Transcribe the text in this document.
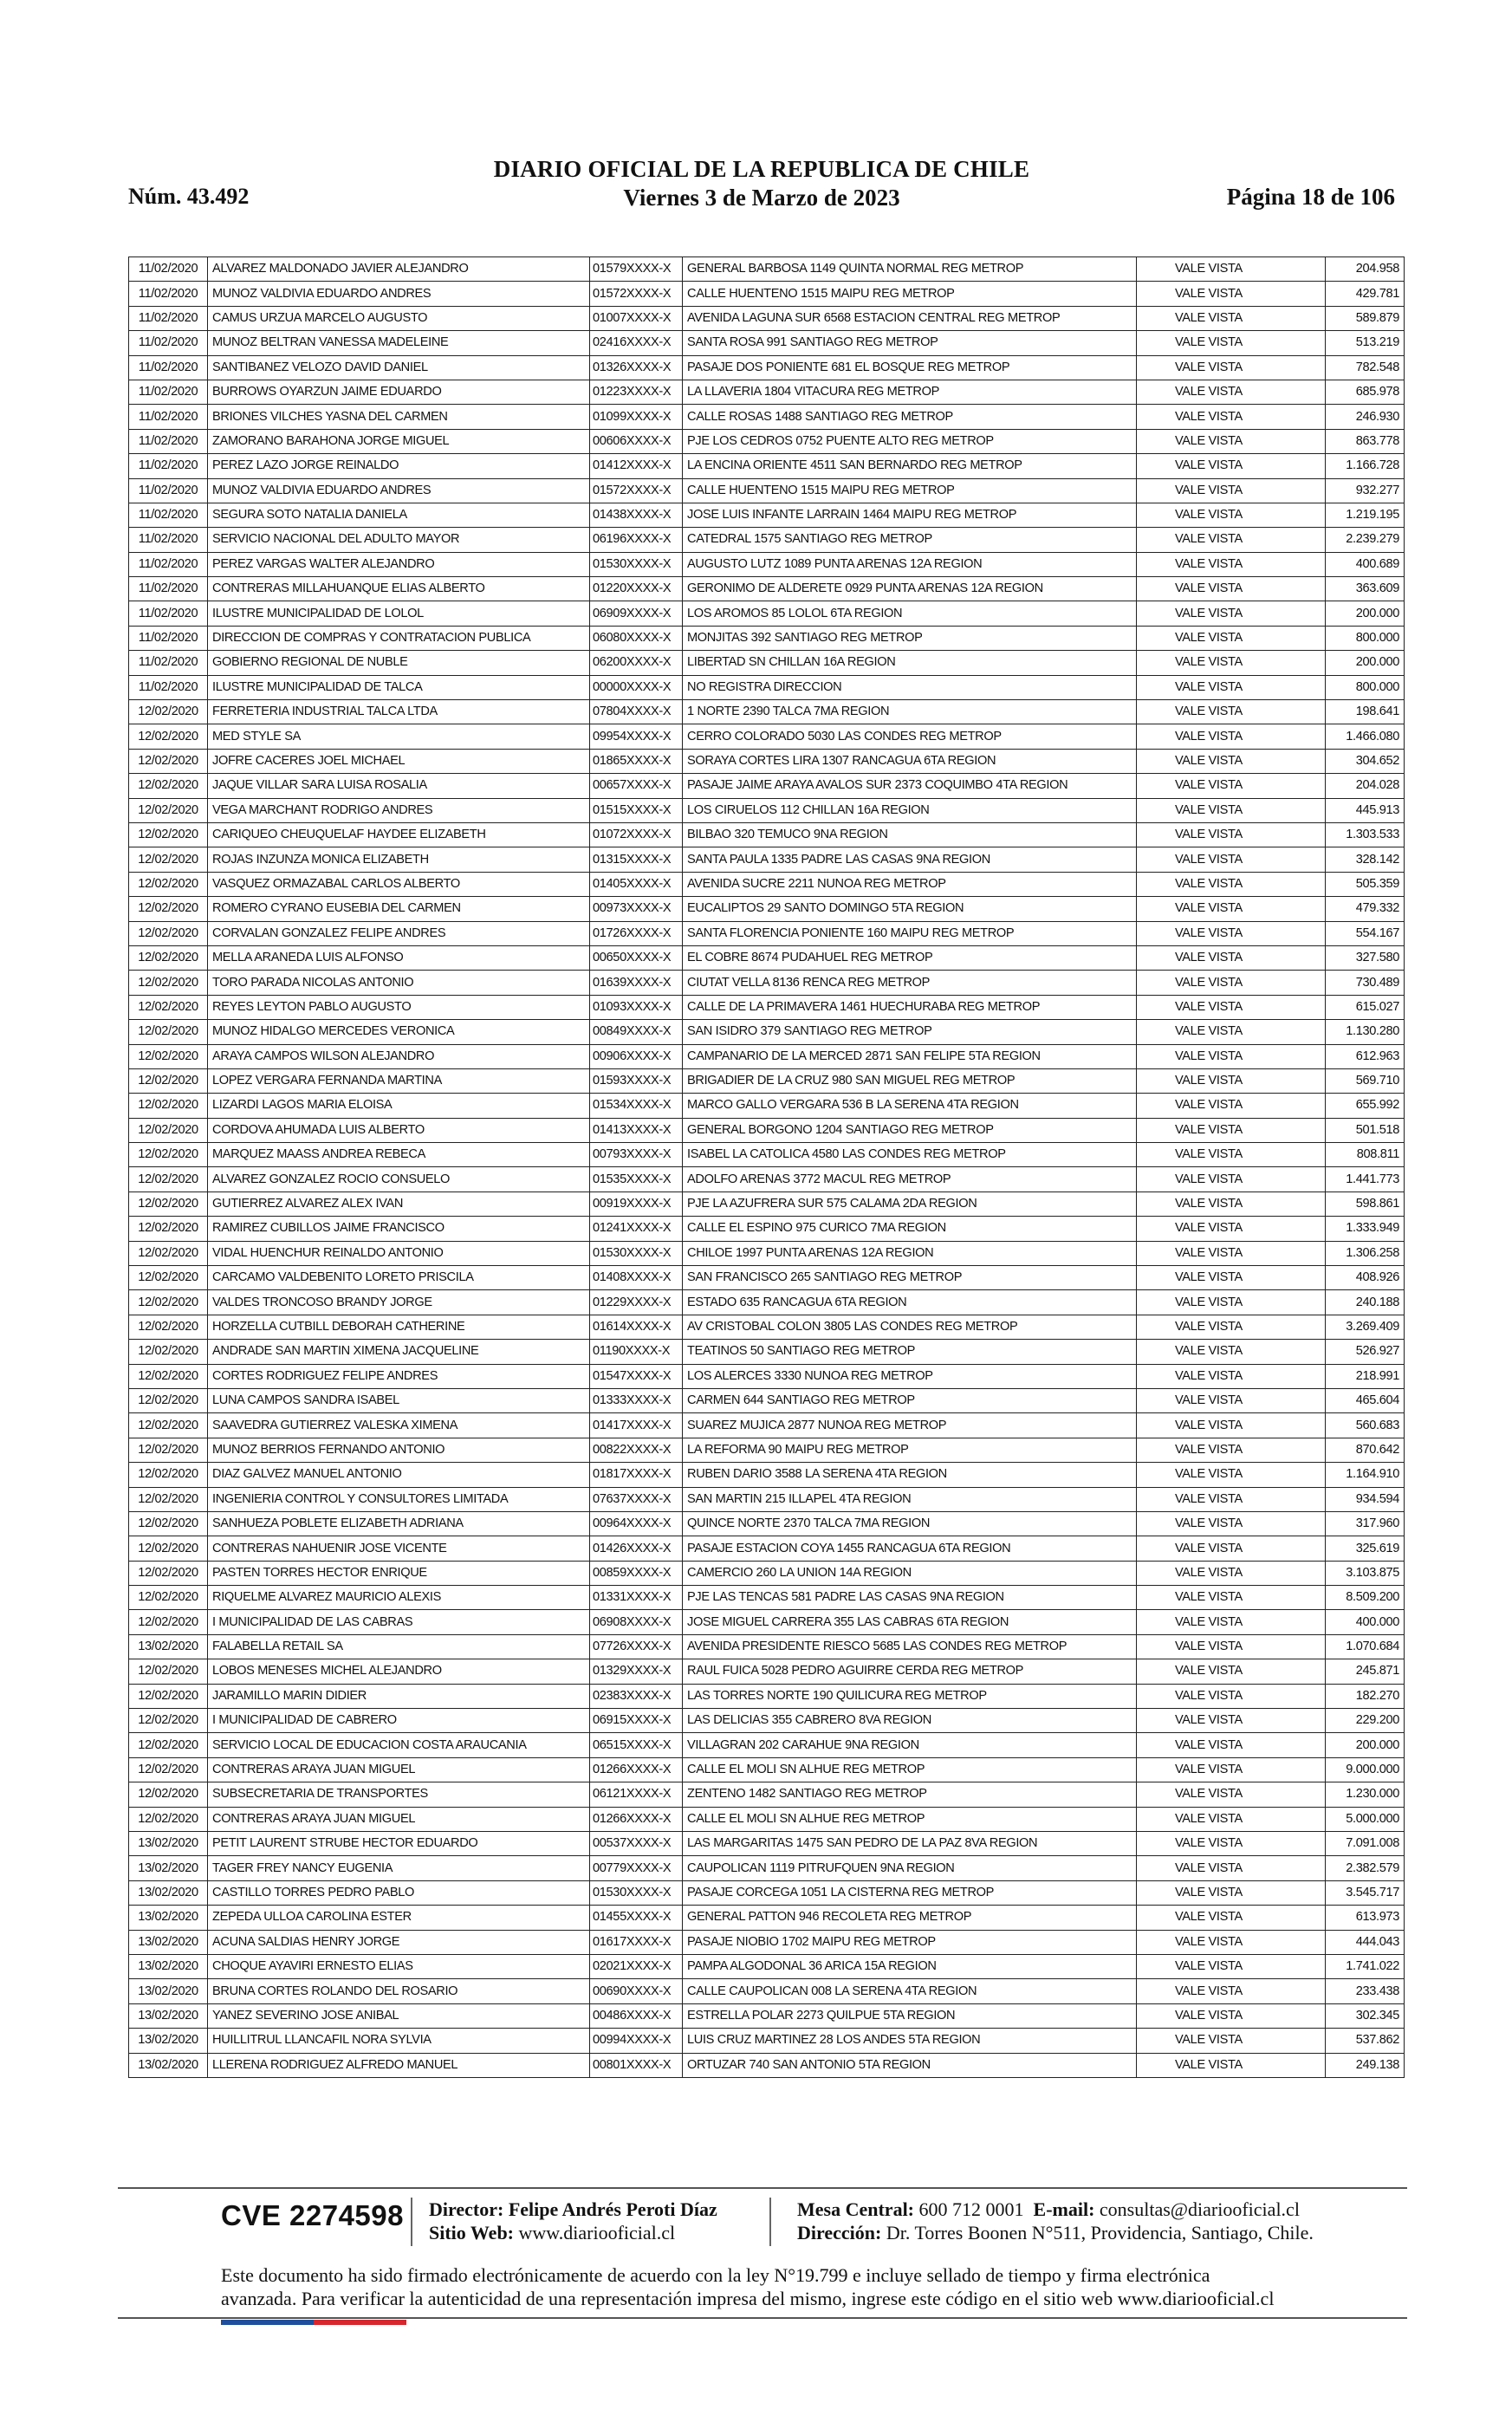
Núm. 43.492
DIARIO OFICIAL DE LA REPUBLICA DE CHILE
Viernes 3 de Marzo de 2023	Página 18 de 106
11/02/2020	ALVAREZ MALDONADO JAVIER ALEJANDRO	01579XXXX-X	GENERAL BARBOSA 1149 QUINTA NORMAL REG METROP	VALE VISTA	204.958
11/02/2020	MUNOZ VALDIVIA EDUARDO ANDRES	01572XXXX-X	CALLE HUENTENO 1515 MAIPU REG METROP	VALE VISTA	429.781
11/02/2020	CAMUS URZUA MARCELO AUGUSTO	01007XXXX-X	AVENIDA LAGUNA SUR 6568 ESTACION CENTRAL REG METROP	VALE VISTA	589.879
11/02/2020	MUNOZ BELTRAN VANESSA MADELEINE	02416XXXX-X	SANTA ROSA 991 SANTIAGO REG METROP	VALE VISTA	513.219
11/02/2020	SANTIBANEZ VELOZO DAVID DANIEL	01326XXXX-X	PASAJE DOS PONIENTE 681 EL BOSQUE REG METROP	VALE VISTA	782.548
11/02/2020	BURROWS OYARZUN JAIME EDUARDO	01223XXXX-X	LA LLAVERIA 1804 VITACURA REG METROP	VALE VISTA	685.978
11/02/2020	BRIONES VILCHES YASNA DEL CARMEN	01099XXXX-X	CALLE ROSAS 1488 SANTIAGO REG METROP	VALE VISTA	246.930
11/02/2020	ZAMORANO BARAHONA JORGE MIGUEL	00606XXXX-X	PJE LOS CEDROS 0752 PUENTE ALTO REG METROP	VALE VISTA	863.778
11/02/2020	PEREZ LAZO JORGE REINALDO	01412XXXX-X	LA ENCINA ORIENTE 4511 SAN BERNARDO REG METROP	VALE VISTA	1.166.728
11/02/2020	MUNOZ VALDIVIA EDUARDO ANDRES	01572XXXX-X	CALLE HUENTENO 1515 MAIPU REG METROP	VALE VISTA	932.277
11/02/2020	SEGURA SOTO NATALIA DANIELA	01438XXXX-X	JOSE LUIS INFANTE LARRAIN 1464 MAIPU REG METROP	VALE VISTA	1.219.195
11/02/2020	SERVICIO NACIONAL DEL ADULTO MAYOR	06196XXXX-X	CATEDRAL 1575 SANTIAGO REG METROP	VALE VISTA	2.239.279
11/02/2020	PEREZ VARGAS WALTER ALEJANDRO	01530XXXX-X	AUGUSTO LUTZ 1089 PUNTA ARENAS 12A REGION	VALE VISTA	400.689
11/02/2020	CONTRERAS MILLAHUANQUE ELIAS ALBERTO	01220XXXX-X	GERONIMO DE ALDERETE 0929 PUNTA ARENAS 12A REGION	VALE VISTA	363.609
11/02/2020	ILUSTRE MUNICIPALIDAD DE LOLOL	06909XXXX-X	LOS AROMOS 85 LOLOL 6TA REGION	VALE VISTA	200.000
11/02/2020	DIRECCION DE COMPRAS Y CONTRATACION PUBLICA	06080XXXX-X	MONJITAS 392 SANTIAGO REG METROP	VALE VISTA	800.000
11/02/2020	GOBIERNO REGIONAL DE NUBLE	06200XXXX-X	LIBERTAD SN CHILLAN 16A REGION	VALE VISTA	200.000
11/02/2020	ILUSTRE MUNICIPALIDAD DE TALCA	00000XXXX-X	NO REGISTRA DIRECCION	VALE VISTA	800.000
12/02/2020	FERRETERIA INDUSTRIAL TALCA LTDA	07804XXXX-X	1 NORTE 2390 TALCA 7MA REGION	VALE VISTA	198.641
12/02/2020	MED STYLE SA	09954XXXX-X	CERRO COLORADO 5030 LAS CONDES REG METROP	VALE VISTA	1.466.080
12/02/2020	JOFRE CACERES JOEL MICHAEL	01865XXXX-X	SORAYA CORTES LIRA 1307 RANCAGUA 6TA REGION	VALE VISTA	304.652
12/02/2020	JAQUE VILLAR SARA LUISA ROSALIA	00657XXXX-X	PASAJE JAIME ARAYA AVALOS SUR 2373 COQUIMBO 4TA REGION	VALE VISTA	204.028
12/02/2020	VEGA MARCHANT RODRIGO ANDRES	01515XXXX-X	LOS CIRUELOS 112 CHILLAN 16A REGION	VALE VISTA	445.913
12/02/2020	CARIQUEO CHEUQUELAF HAYDEE ELIZABETH	01072XXXX-X	BILBAO 320 TEMUCO 9NA REGION	VALE VISTA	1.303.533
12/02/2020	ROJAS INZUNZA MONICA ELIZABETH	01315XXXX-X	SANTA PAULA 1335 PADRE LAS CASAS 9NA REGION	VALE VISTA	328.142
12/02/2020	VASQUEZ ORMAZABAL CARLOS ALBERTO	01405XXXX-X	AVENIDA SUCRE 2211 NUNOA REG METROP	VALE VISTA	505.359
12/02/2020	ROMERO CYRANO EUSEBIA DEL CARMEN	00973XXXX-X	EUCALIPTOS 29 SANTO DOMINGO 5TA REGION	VALE VISTA	479.332
12/02/2020	CORVALAN GONZALEZ FELIPE ANDRES	01726XXXX-X	SANTA FLORENCIA PONIENTE 160 MAIPU REG METROP	VALE VISTA	554.167
12/02/2020	MELLA ARANEDA LUIS ALFONSO	00650XXXX-X	EL COBRE 8674 PUDAHUEL REG METROP	VALE VISTA	327.580
12/02/2020	TORO PARADA NICOLAS ANTONIO	01639XXXX-X	CIUTAT VELLA 8136 RENCA REG METROP	VALE VISTA	730.489
12/02/2020	REYES LEYTON PABLO AUGUSTO	01093XXXX-X	CALLE DE LA PRIMAVERA 1461 HUECHURABA REG METROP	VALE VISTA	615.027
12/02/2020	MUNOZ HIDALGO MERCEDES VERONICA	00849XXXX-X	SAN ISIDRO 379 SANTIAGO REG METROP	VALE VISTA	1.130.280
12/02/2020	ARAYA CAMPOS WILSON ALEJANDRO	00906XXXX-X	CAMPANARIO DE LA MERCED 2871 SAN FELIPE 5TA REGION	VALE VISTA	612.963
12/02/2020	LOPEZ VERGARA FERNANDA MARTINA	01593XXXX-X	BRIGADIER DE LA CRUZ 980 SAN MIGUEL REG METROP	VALE VISTA	569.710
12/02/2020	LIZARDI LAGOS MARIA ELOISA	01534XXXX-X	MARCO GALLO VERGARA 536 B LA SERENA 4TA REGION	VALE VISTA	655.992
12/02/2020	CORDOVA AHUMADA LUIS ALBERTO	01413XXXX-X	GENERAL BORGONO 1204 SANTIAGO REG METROP	VALE VISTA	501.518
12/02/2020	MARQUEZ MAASS ANDREA REBECA	00793XXXX-X	ISABEL LA CATOLICA 4580 LAS CONDES REG METROP	VALE VISTA	808.811
12/02/2020	ALVAREZ GONZALEZ ROCIO CONSUELO	01535XXXX-X	ADOLFO ARENAS 3772 MACUL REG METROP	VALE VISTA	1.441.773
12/02/2020	GUTIERREZ ALVAREZ ALEX IVAN	00919XXXX-X	PJE LA AZUFRERA SUR 575 CALAMA 2DA REGION	VALE VISTA	598.861
12/02/2020	RAMIREZ CUBILLOS JAIME FRANCISCO	01241XXXX-X	CALLE EL ESPINO 975 CURICO 7MA REGION	VALE VISTA	1.333.949
12/02/2020	VIDAL HUENCHUR REINALDO ANTONIO	01530XXXX-X	CHILOE 1997 PUNTA ARENAS 12A REGION	VALE VISTA	1.306.258
12/02/2020	CARCAMO VALDEBENITO LORETO PRISCILA	01408XXXX-X	SAN FRANCISCO 265 SANTIAGO REG METROP	VALE VISTA	408.926
12/02/2020	VALDES TRONCOSO BRANDY JORGE	01229XXXX-X	ESTADO 635 RANCAGUA 6TA REGION	VALE VISTA	240.188
12/02/2020	HORZELLA CUTBILL DEBORAH CATHERINE	01614XXXX-X	AV CRISTOBAL COLON 3805 LAS CONDES REG METROP	VALE VISTA	3.269.409
12/02/2020	ANDRADE SAN MARTIN XIMENA JACQUELINE	01190XXXX-X	TEATINOS 50 SANTIAGO REG METROP	VALE VISTA	526.927
12/02/2020	CORTES RODRIGUEZ FELIPE ANDRES	01547XXXX-X	LOS ALERCES 3330 NUNOA REG METROP	VALE VISTA	218.991
12/02/2020	LUNA CAMPOS SANDRA ISABEL	01333XXXX-X	CARMEN 644 SANTIAGO REG METROP	VALE VISTA	465.604
12/02/2020	SAAVEDRA GUTIERREZ VALESKA XIMENA	01417XXXX-X	SUAREZ MUJICA 2877 NUNOA REG METROP	VALE VISTA	560.683
12/02/2020	MUNOZ BERRIOS FERNANDO ANTONIO	00822XXXX-X	LA REFORMA 90 MAIPU REG METROP	VALE VISTA	870.642
12/02/2020	DIAZ GALVEZ MANUEL ANTONIO	01817XXXX-X	RUBEN DARIO 3588 LA SERENA 4TA REGION	VALE VISTA	1.164.910
12/02/2020	INGENIERIA CONTROL Y CONSULTORES LIMITADA	07637XXXX-X	SAN MARTIN 215 ILLAPEL 4TA REGION	VALE VISTA	934.594
12/02/2020	SANHUEZA POBLETE ELIZABETH ADRIANA	00964XXXX-X	QUINCE NORTE 2370 TALCA 7MA REGION	VALE VISTA	317.960
12/02/2020	CONTRERAS NAHUENIR JOSE VICENTE	01426XXXX-X	PASAJE ESTACION COYA 1455 RANCAGUA 6TA REGION	VALE VISTA	325.619
12/02/2020	PASTEN TORRES HECTOR ENRIQUE	00859XXXX-X	CAMERCIO 260 LA UNION 14A REGION	VALE VISTA	3.103.875
12/02/2020	RIQUELME ALVAREZ MAURICIO ALEXIS	01331XXXX-X	PJE LAS TENCAS 581 PADRE LAS CASAS 9NA REGION	VALE VISTA	8.509.200
12/02/2020	I MUNICIPALIDAD DE LAS CABRAS	06908XXXX-X	JOSE MIGUEL CARRERA 355 LAS CABRAS 6TA REGION	VALE VISTA	400.000
13/02/2020	FALABELLA RETAIL SA	07726XXXX-X	AVENIDA PRESIDENTE RIESCO 5685 LAS CONDES REG METROP	VALE VISTA	1.070.684
12/02/2020	LOBOS MENESES MICHEL ALEJANDRO	01329XXXX-X	RAUL FUICA 5028 PEDRO AGUIRRE CERDA REG METROP	VALE VISTA	245.871
12/02/2020	JARAMILLO MARIN DIDIER	02383XXXX-X	LAS TORRES NORTE 190 QUILICURA REG METROP	VALE VISTA	182.270
12/02/2020	I MUNICIPALIDAD DE CABRERO	06915XXXX-X	LAS DELICIAS 355 CABRERO 8VA REGION	VALE VISTA	229.200
12/02/2020	SERVICIO LOCAL DE EDUCACION COSTA ARAUCANIA	06515XXXX-X	VILLAGRAN 202 CARAHUE 9NA REGION	VALE VISTA	200.000
12/02/2020	CONTRERAS ARAYA JUAN MIGUEL	01266XXXX-X	CALLE EL MOLI SN ALHUE REG METROP	VALE VISTA	9.000.000
12/02/2020	SUBSECRETARIA DE TRANSPORTES	06121XXXX-X	ZENTENO 1482 SANTIAGO REG METROP	VALE VISTA	1.230.000
12/02/2020	CONTRERAS ARAYA JUAN MIGUEL	01266XXXX-X	CALLE EL MOLI SN ALHUE REG METROP	VALE VISTA	5.000.000
13/02/2020	PETIT LAURENT STRUBE HECTOR EDUARDO	00537XXXX-X	LAS MARGARITAS 1475 SAN PEDRO DE LA PAZ 8VA REGION	VALE VISTA	7.091.008
13/02/2020	TAGER FREY NANCY EUGENIA	00779XXXX-X	CAUPOLICAN 1119 PITRUFQUEN 9NA REGION	VALE VISTA	2.382.579
13/02/2020	CASTILLO TORRES PEDRO PABLO	01530XXXX-X	PASAJE CORCEGA 1051 LA CISTERNA REG METROP	VALE VISTA	3.545.717
13/02/2020	ZEPEDA ULLOA CAROLINA ESTER	01455XXXX-X	GENERAL PATTON 946 RECOLETA REG METROP	VALE VISTA	613.973
13/02/2020	ACUNA SALDIAS HENRY JORGE	01617XXXX-X	PASAJE NIOBIO 1702 MAIPU REG METROP	VALE VISTA	444.043
13/02/2020	CHOQUE AYAVIRI ERNESTO ELIAS	02021XXXX-X	PAMPA ALGODONAL 36 ARICA 15A REGION	VALE VISTA	1.741.022
13/02/2020	BRUNA CORTES ROLANDO DEL ROSARIO	00690XXXX-X	CALLE CAUPOLICAN 008 LA SERENA 4TA REGION	VALE VISTA	233.438
13/02/2020	YANEZ SEVERINO JOSE ANIBAL	00486XXXX-X	ESTRELLA POLAR 2273 QUILPUE 5TA REGION	VALE VISTA	302.345
13/02/2020	HUILLITRUL LLANCAFIL NORA SYLVIA	00994XXXX-X	LUIS CRUZ MARTINEZ 28 LOS ANDES 5TA REGION	VALE VISTA	537.862
13/02/2020	LLERENA RODRIGUEZ ALFREDO MANUEL	00801XXXX-X	ORTUZAR 740 SAN ANTONIO 5TA REGION	VALE VISTA	249.138
CVE 2274598 Director: Felipe Andrés Peroti Díaz
Sitio Web: www.diariooficial.cl
Mesa Central: 600 712 0001 E-mail: consultas@diariooficial.cl
Dirección: Dr. Torres Boonen N°511, Providencia, Santiago, Chile.
Este documento ha sido firmado electrónicamente de acuerdo con la ley N°19.799 e incluye sellado de tiempo y firma electrónica
avanzada. Para verificar la autenticidad de una representación impresa del mismo, ingrese este código en el sitio web www.diariooficial.cl
